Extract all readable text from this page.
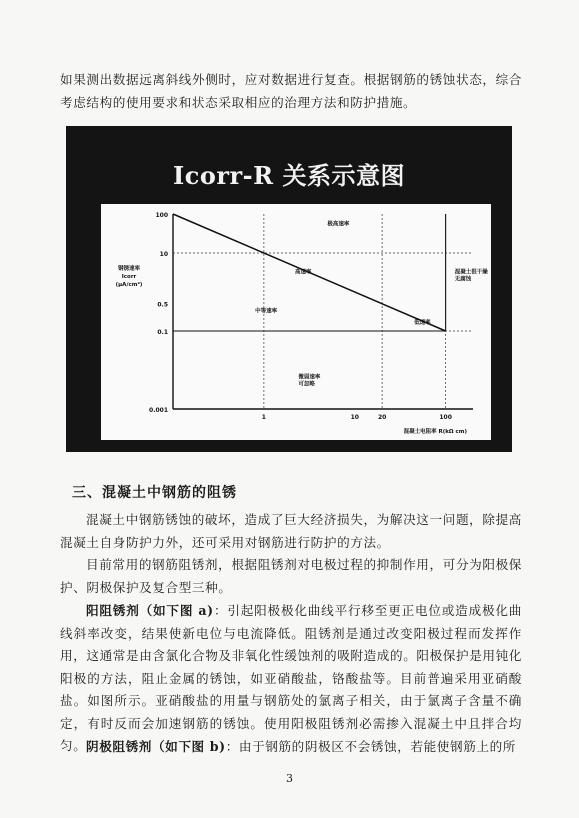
如果测出数据远离斜线外侧时，应对数据进行复查。根据钢筋的锈蚀状态，综合考虑结构的使用要求和状态采取相应的治理方法和防护措施。

Icorr-R 关系示意图
100
10
0.5
0.1
0.001
1	10	20	100
钢锈速率 Icorr (μA/cm²)
混凝土电阻率 R(kΩ cm)
极高速率
高速率
中等速率
低速率
微弱速率可忽略
混凝土很干燥无腐蚀
三、混凝土中钢筋的阻锈

混凝土中钢筋锈蚀的破坏，造成了巨大经济损失，为解决这一问题，除提高混凝土自身防护力外，还可采用对钢筋进行防护的方法。

目前常用的钢筋阻锈剂，根据阻锈剂对电极过程的抑制作用，可分为阳极保护、阴极保护及复合型三种。

阳阻锈剂（如下图 a)：引起阳极极化曲线平行移至更正电位或造成极化曲线斜率改变，结果使新电位与电流降低。阻锈剂是通过改变阳极过程而发挥作用，这通常是由含氯化合物及非氧化性缓蚀剂的吸附造成的。阳极保护是用钝化阳极的方法，阻止金属的锈蚀，如亚硝酸盐，铬酸盐等。目前普遍采用亚硝酸盐。如图所示。亚硝酸盐的用量与钢筋处的氯离子相关，由于氯离子含量不确定，有时反而会加速钢筋的锈蚀。使用阳极阻锈剂必需掺入混凝土中且拌合均匀。 阴极阻锈剂（如下图 b)：由于钢筋的阴极区不会锈蚀，若能使钢筋上的所

3
